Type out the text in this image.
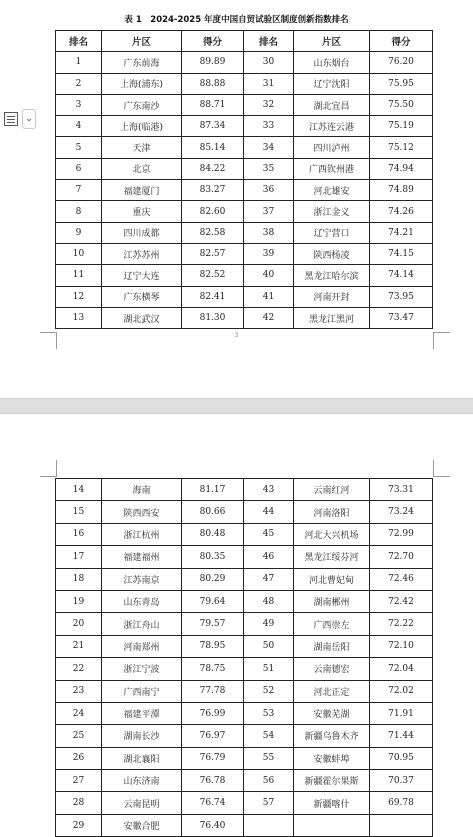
表 1　2024-2025 年度中国自贸试验区制度创新指数排名
排名	片区	得分	排名	片区	得分
1	广东前海	89.89	30	山东烟台	76.20
2	上海(浦东)	88.88	31	辽宁沈阳	75.95
3	广东南沙	88.71	32	湖北宜昌	75.50
4	上海(临港)	87.34	33	江苏连云港	75.19
5	天津	85.14	34	四川泸州	75.12
6	北京	84.22	35	广西钦州港	74.94
7	福建厦门	83.27	36	河北雄安	74.89
8	重庆	82.60	37	浙江金义	74.26
9	四川成都	82.58	38	辽宁营口	74.21
10	江苏苏州	82.57	39	陕西杨凌	74.15
11	辽宁大连	82.52	40	黑龙江哈尔滨	74.14
12	广东横琴	82.41	41	河南开封	73.95
13	湖北武汉	81.30	42	黑龙江黑河	73.47
3
⌄
14	海南	81.17	43	云南红河	73.31
15	陕西西安	80.66	44	河南洛阳	73.24
16	浙江杭州	80.48	45	河北大兴机场	72.99
17	福建福州	80.35	46	黑龙江绥芬河	72.70
18	江苏南京	80.29	47	河北曹妃甸	72.46
19	山东青岛	79.64	48	湖南郴州	72.42
20	浙江舟山	79.57	49	广西崇左	72.22
21	河南郑州	78.95	50	湖南岳阳	72.10
22	浙江宁波	78.75	51	云南德宏	72.04
23	广西南宁	77.78	52	河北正定	72.02
24	福建平潭	76.99	53	安徽芜湖	71.91
25	湖南长沙	76.97	54	新疆乌鲁木齐	71.44
26	湖北襄阳	76.79	55	安徽蚌埠	70.95
27	山东济南	76.78	56	新疆霍尔果斯	70.37
28	云南昆明	76.74	57	新疆喀什	69.78
29	安徽合肥	76.40			
